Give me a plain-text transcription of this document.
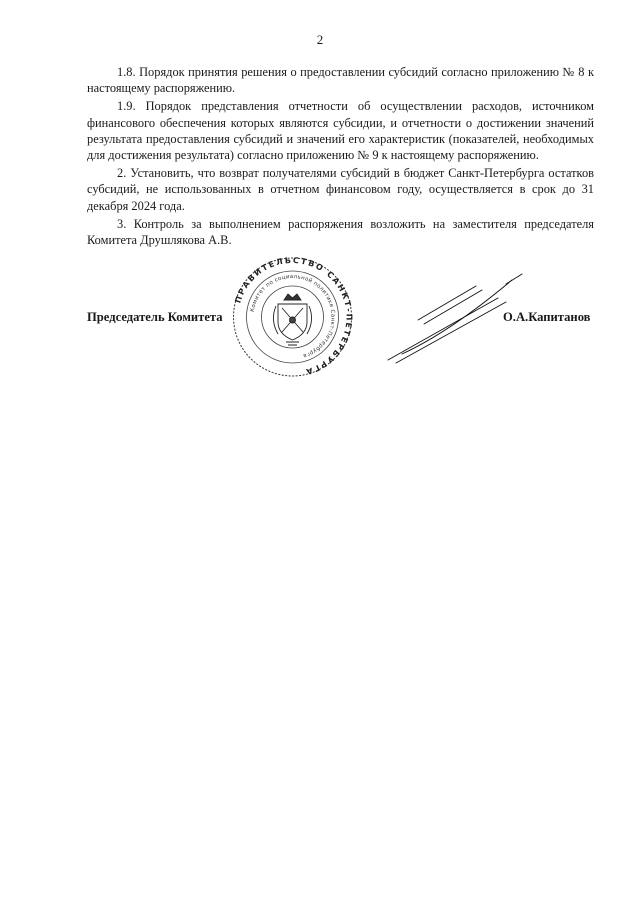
2

1.8. Порядок принятия решения о предоставлении субсидий согласно приложению № 8 к настоящему распоряжению.

1.9. Порядок представления отчетности об осуществлении расходов, источником финансового обеспечения которых являются субсидии, и отчетности о достижении значений результата предоставления субсидий и значений его характеристик (показателей, необходимых для достижения результата) согласно приложению № 9 к настоящему распоряжению.

2. Установить, что возврат получателями субсидий в бюджет Санкт-Петербурга остатков субсидий, не использованных в отчетном финансовом году, осуществляется в срок до 31 декабря 2024 года.

3. Контроль за выполнением распоряжения возложить на заместителя председателя Комитета Друшлякова А.В.

Председатель Комитета
ПРАВИТЕЛЬСТВО САНКТ-ПЕТЕРБУРГА
Комитет по социальной политике Санкт-Петербурга
О.А.Капитанов
